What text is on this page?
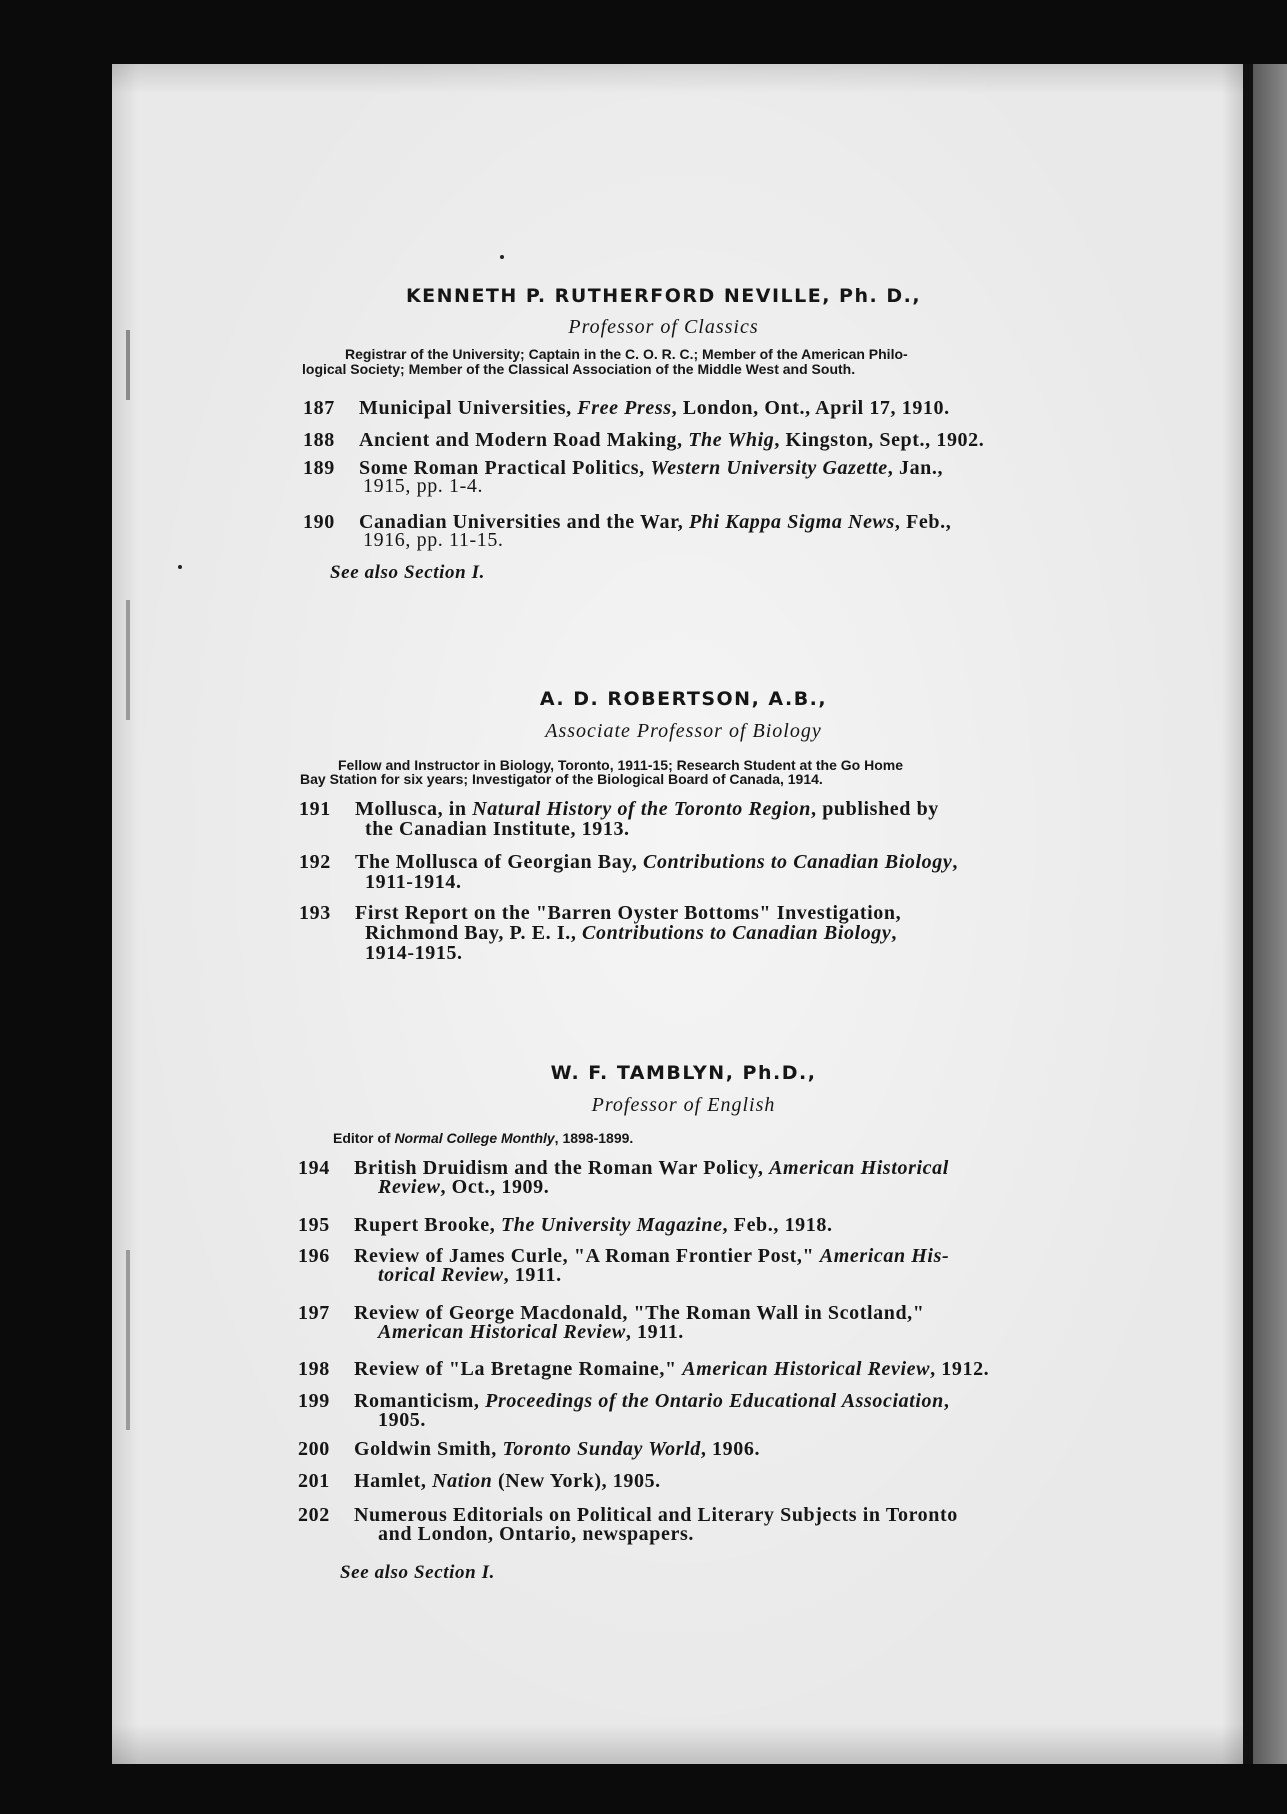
KENNETH P. RUTHERFORD NEVILLE, Ph. D.,
Professor of Classics
Registrar of the University; Captain in the C. O. R. C.; Member of the American Philo-
logical Society; Member of the Classical Association of the Middle West and South.
187	Municipal Universities, Free Press, London, Ont., April 17, 1910.
188	Ancient and Modern Road Making, The Whig, Kingston, Sept., 1902.
189	Some Roman Practical Politics, Western University Gazette, Jan.,
1915, pp. 1-4.
190	Canadian Universities and the War, Phi Kappa Sigma News, Feb.,
1916, pp. 11-15.
See also Section I.
A. D. ROBERTSON, A.B.,
Associate Professor of Biology
Fellow and Instructor in Biology, Toronto, 1911-15; Research Student at the Go Home
Bay Station for six years; Investigator of the Biological Board of Canada, 1914.
191	Mollusca, in Natural History of the Toronto Region, published by
the Canadian Institute, 1913.
192	The Mollusca of Georgian Bay, Contributions to Canadian Biology,
1911-1914.
193	First Report on the "Barren Oyster Bottoms" Investigation,
Richmond Bay, P. E. I., Contributions to Canadian Biology,
1914-1915.
W. F. TAMBLYN, Ph.D.,
Professor of English
Editor of Normal College Monthly, 1898-1899.
194	British Druidism and the Roman War Policy, American Historical
Review, Oct., 1909.
195	Rupert Brooke, The University Magazine, Feb., 1918.
196	Review of James Curle, "A Roman Frontier Post," American His-
torical Review, 1911.
197	Review of George Macdonald, "The Roman Wall in Scotland,"
American Historical Review, 1911.
198	Review of "La Bretagne Romaine," American Historical Review, 1912.
199	Romanticism, Proceedings of the Ontario Educational Association,
1905.
200	Goldwin Smith, Toronto Sunday World, 1906.
201	Hamlet, Nation (New York), 1905.
202	Numerous Editorials on Political and Literary Subjects in Toronto
and London, Ontario, newspapers.
See also Section I.
